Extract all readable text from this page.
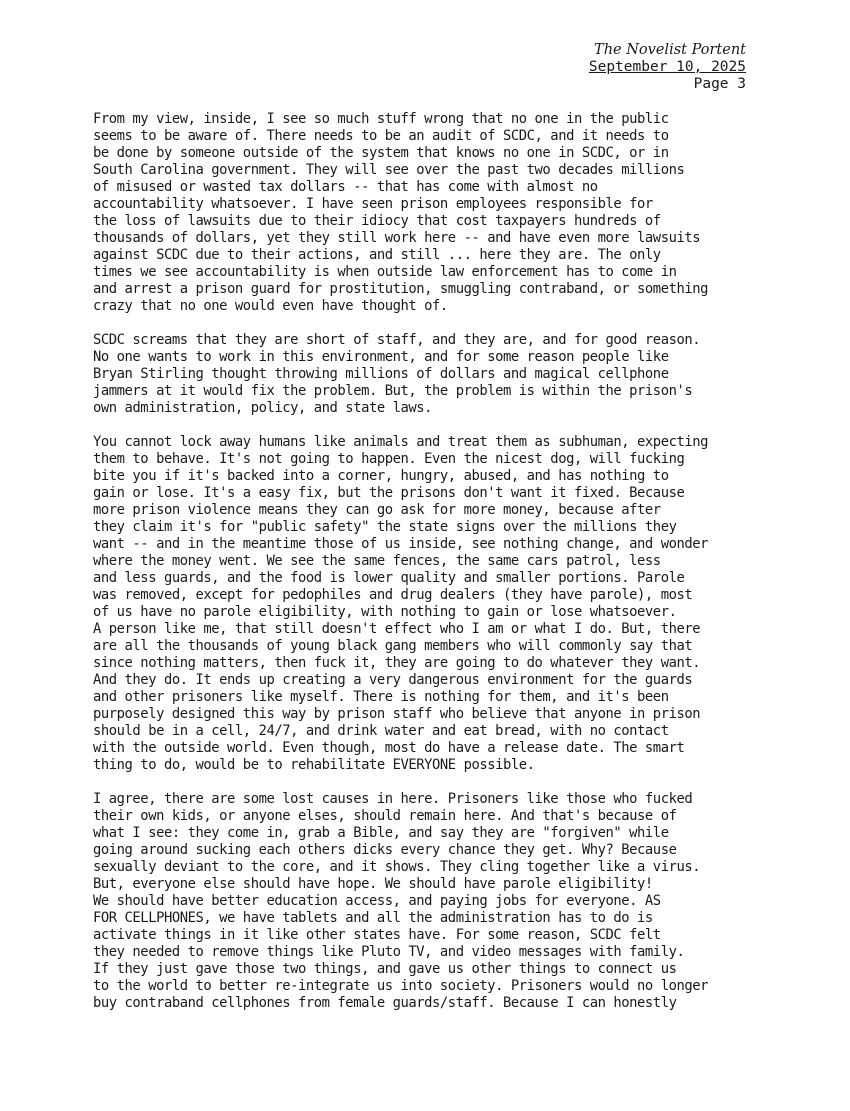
The Novelist Portent
September 10, 2025
Page 3
From my view, inside, I see so much stuff wrong that no one in the public
seems to be aware of. There needs to be an audit of SCDC, and it needs to
be done by someone outside of the system that knows no one in SCDC, or in
South Carolina government. They will see over the past two decades millions
of misused or wasted tax dollars -- that has come with almost no
accountability whatsoever. I have seen prison employees responsible for
the loss of lawsuits due to their idiocy that cost taxpayers hundreds of
thousands of dollars, yet they still work here -- and have even more lawsuits
against SCDC due to their actions, and still ... here they are. The only
times we see accountability is when outside law enforcement has to come in
and arrest a prison guard for prostitution, smuggling contraband, or something
crazy that no one would even have thought of.
SCDC screams that they are short of staff, and they are, and for good reason.
No one wants to work in this environment, and for some reason people like
Bryan Stirling thought throwing millions of dollars and magical cellphone
jammers at it would fix the problem. But, the problem is within the prison's
own administration, policy, and state laws.
You cannot lock away humans like animals and treat them as subhuman, expecting
them to behave. It's not going to happen. Even the nicest dog, will fucking
bite you if it's backed into a corner, hungry, abused, and has nothing to
gain or lose. It's a easy fix, but the prisons don't want it fixed. Because
more prison violence means they can go ask for more money, because after
they claim it's for "public safety" the state signs over the millions they
want -- and in the meantime those of us inside, see nothing change, and wonder
where the money went. We see the same fences, the same cars patrol, less
and less guards, and the food is lower quality and smaller portions. Parole
was removed, except for pedophiles and drug dealers (they have parole), most
of us have no parole eligibility, with nothing to gain or lose whatsoever.
A person like me, that still doesn't effect who I am or what I do. But, there
are all the thousands of young black gang members who will commonly say that
since nothing matters, then fuck it, they are going to do whatever they want.
And they do. It ends up creating a very dangerous environment for the guards
and other prisoners like myself. There is nothing for them, and it's been
purposely designed this way by prison staff who believe that anyone in prison
should be in a cell, 24/7, and drink water and eat bread, with no contact
with the outside world. Even though, most do have a release date. The smart
thing to do, would be to rehabilitate EVERYONE possible.
I agree, there are some lost causes in here. Prisoners like those who fucked
their own kids, or anyone elses, should remain here. And that's because of
what I see: they come in, grab a Bible, and say they are "forgiven" while
going around sucking each others dicks every chance they get. Why? Because
sexually deviant to the core, and it shows. They cling together like a virus.
But, everyone else should have hope. We should have parole eligibility!
We should have better education access, and paying jobs for everyone. AS
FOR CELLPHONES, we have tablets and all the administration has to do is
activate things in it like other states have. For some reason, SCDC felt
they needed to remove things like Pluto TV, and video messages with family.
If they just gave those two things, and gave us other things to connect us
to the world to better re-integrate us into society. Prisoners would no longer
buy contraband cellphones from female guards/staff. Because I can honestly
